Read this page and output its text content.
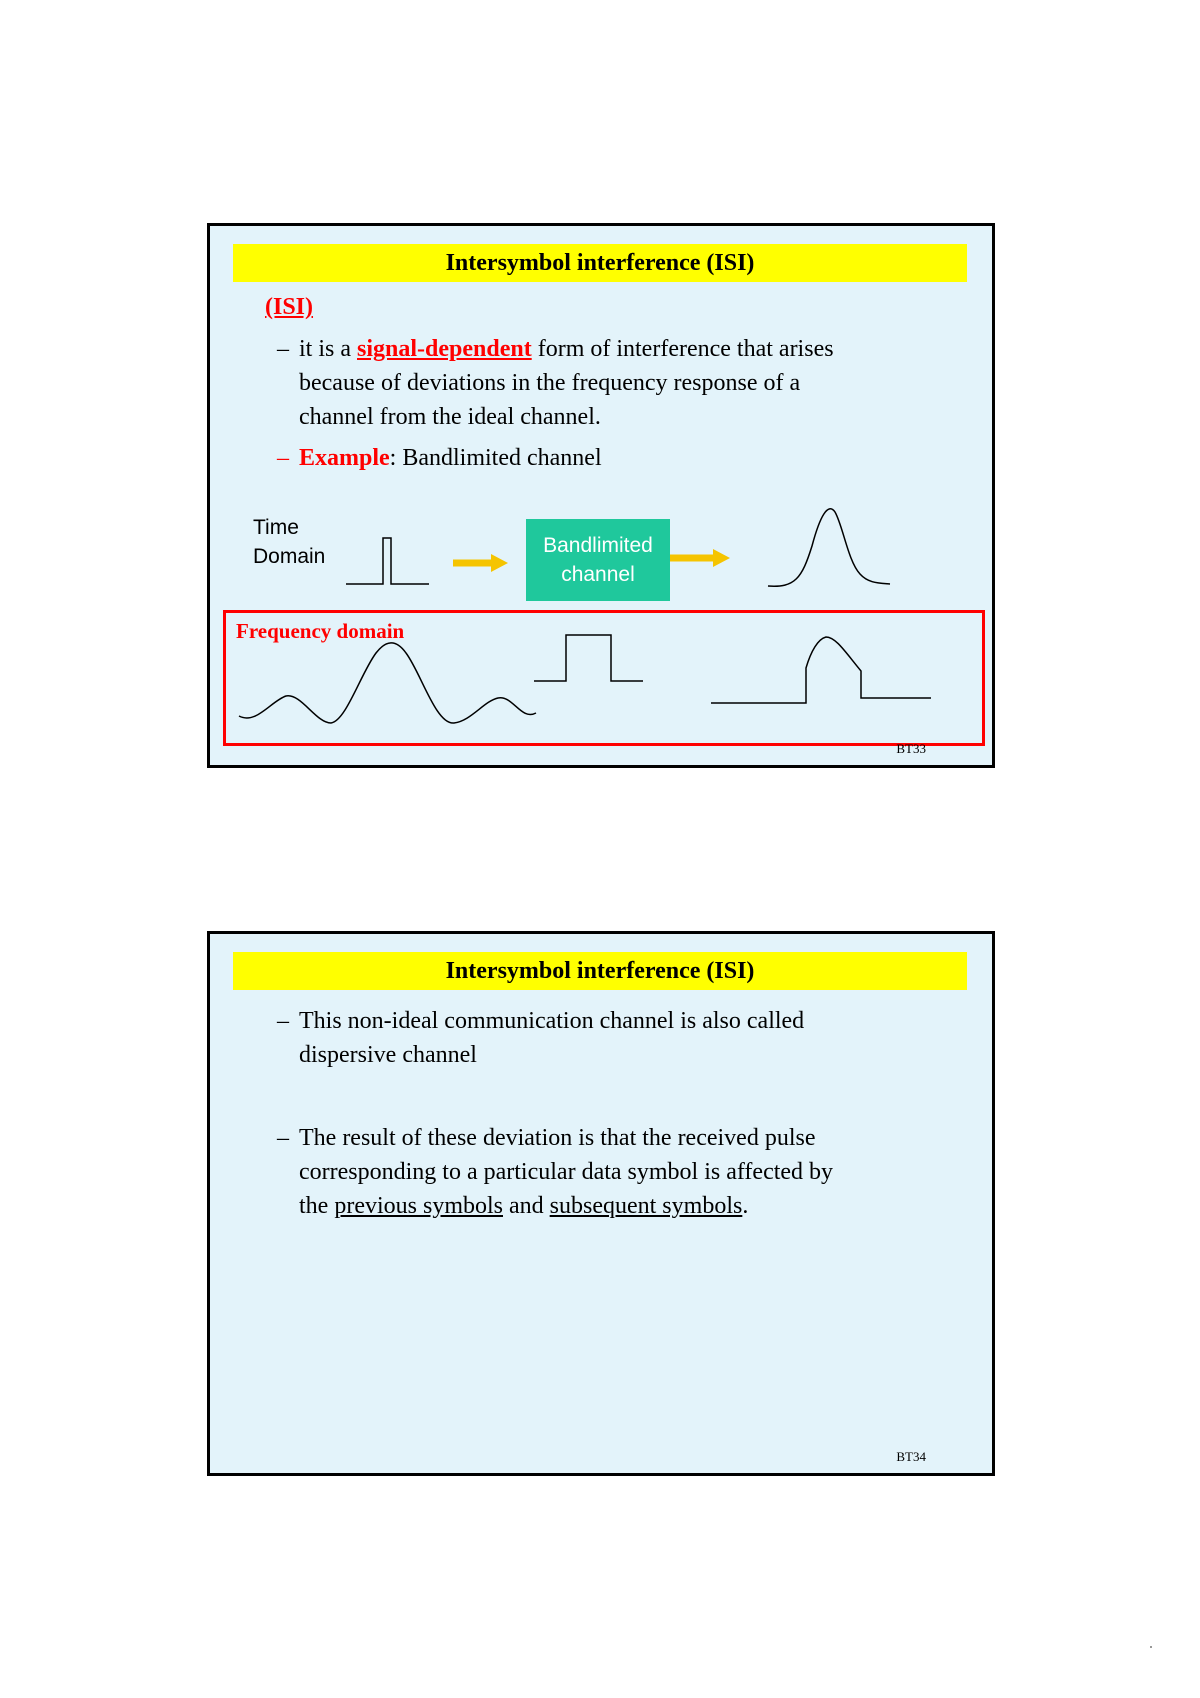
Intersymbol interference (ISI)
(ISI)
– it is a signal-dependent form of interference that arises
because of deviations in the frequency response of a
channel from the ideal channel.
– Example: Bandlimited channel
Time
Domain	Bandlimited
channel
Frequency domain
BT33
Intersymbol interference (ISI)
– This non-ideal communication channel is also called
dispersive channel
– The result of these deviation is that the received pulse
corresponding to a particular data symbol is affected by
the previous symbols and subsequent symbols.
BT34
